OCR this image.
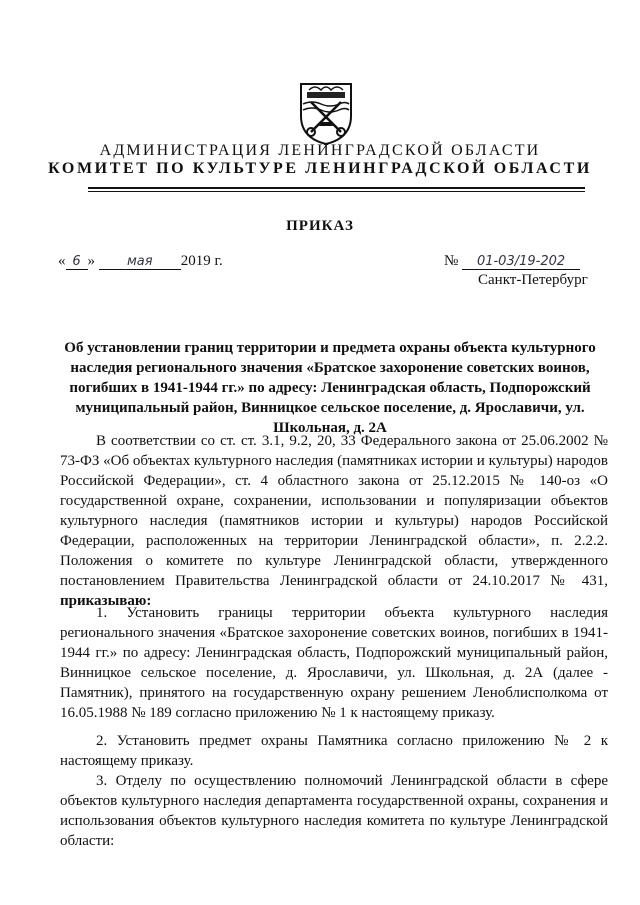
АДМИНИСТРАЦИЯ ЛЕНИНГРАДСКОЙ ОБЛАСТИ
КОМИТЕТ ПО КУЛЬТУРЕ ЛЕНИНГРАДСКОЙ ОБЛАСТИ
ПРИКАЗ
« 6 » мая 2019 г.	№ 01-03/19-202
Санкт-Петербург
Об установлении границ территории и предмета охраны объекта культурного наследия регионального значения «Братское захоронение советских воинов, погибших в 1941-1944 гг.» по адресу: Ленинградская область, Подпорожский муниципальный район, Винницкое сельское поселение, д. Ярославичи, ул. Школьная, д. 2А

В соответствии со ст. ст. 3.1, 9.2, 20, 33 Федерального закона от 25.06.2002 № 73-ФЗ «Об объектах культурного наследия (памятниках истории и культуры) народов Российской Федерации», ст. 4 областного закона от 25.12.2015 № 140-оз «О государственной охране, сохранении, использовании и популяризации объектов культурного наследия (памятников истории и культуры) народов Российской Федерации, расположенных на территории Ленинградской области», п. 2.2.2. Положения о комитете по культуре Ленинградской области, утвержденного постановлением Правительства Ленинградской области от 24.10.2017 № 431, приказываю:

1. Установить границы территории объекта культурного наследия регионального значения «Братское захоронение советских воинов, погибших в 1941-1944 гг.» по адресу: Ленинградская область, Подпорожский муниципальный район, Винницкое сельское поселение, д. Ярославичи, ул. Школьная, д. 2А (далее - Памятник), принятого на государственную охрану решением Леноблисполкома от 16.05.1988 № 189 согласно приложению № 1 к настоящему приказу.

2. Установить предмет охраны Памятника согласно приложению № 2 к настоящему приказу.

3. Отделу по осуществлению полномочий Ленинградской области в сфере объектов культурного наследия департамента государственной охраны, сохранения и использования объектов культурного наследия комитета по культуре Ленинградской области:
